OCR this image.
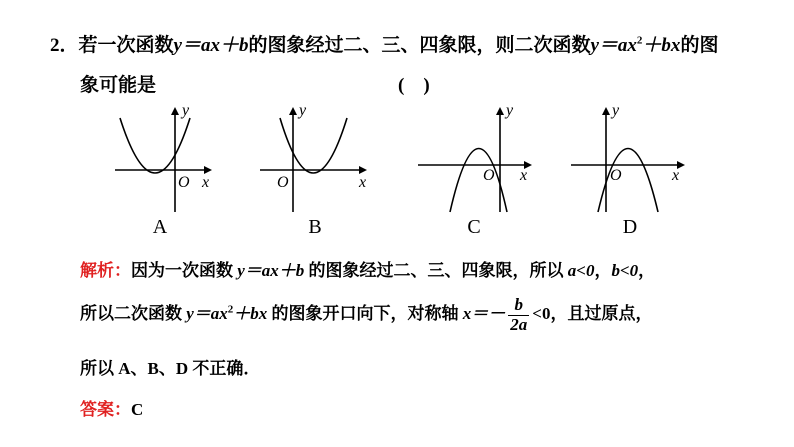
2．若一次函数y＝ax＋b的图象经过二、三、四象限，则二次函数$y=ax^2+bx$的图
象可能是	(　)
y
x
O
A
y
x
O
B
y
x
O
C
y
x
O
D
解析：因为一次函数 y＝ax＋b 的图象经过二、三、四象限，所以 a<0，b<0，
所以二次函数 $y=ax^2+bx$ 的图象开口向下，对称轴 $x=- \frac{b}{2a} <0$，且过原点，
所以 A、B、D 不正确．
答案：C
